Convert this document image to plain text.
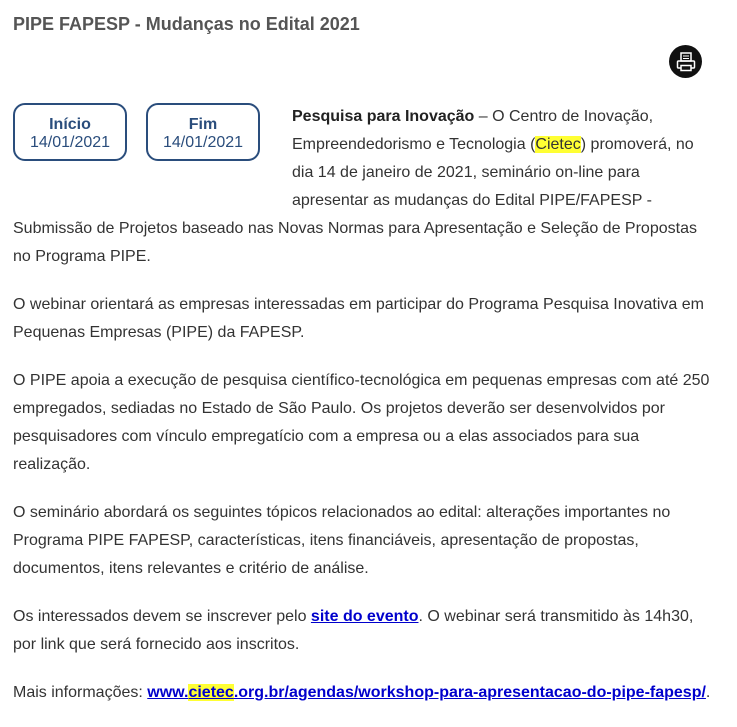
PIPE FAPESP - Mudanças no Edital 2021
Início
14/01/2021
Fim
14/01/2021

Pesquisa para Inovação – O Centro de Inovação, Empreendedorismo e Tecnologia (Cietec) promoverá, no dia 14 de janeiro de 2021, seminário on-line para apresentar as mudanças do Edital PIPE/FAPESP - Submissão de Projetos baseado nas Novas Normas para Apresentação e Seleção de Propostas no Programa PIPE.

O webinar orientará as empresas interessadas em participar do Programa Pesquisa Inovativa em Pequenas Empresas (PIPE) da FAPESP.

O PIPE apoia a execução de pesquisa científico-tecnológica em pequenas empresas com até 250 empregados, sediadas no Estado de São Paulo. Os projetos deverão ser desenvolvidos por pesquisadores com vínculo empregatício com a empresa ou a elas associados para sua realização.

O seminário abordará os seguintes tópicos relacionados ao edital: alterações importantes no Programa PIPE FAPESP, características, itens financiáveis, apresentação de propostas, documentos, itens relevantes e critério de análise.

Os interessados devem se inscrever pelo site do evento. O webinar será transmitido às 14h30, por link que será fornecido aos inscritos.

Mais informações: www.cietec.org.br/agendas/workshop-para-apresentacao-do-pipe-fapesp/.
